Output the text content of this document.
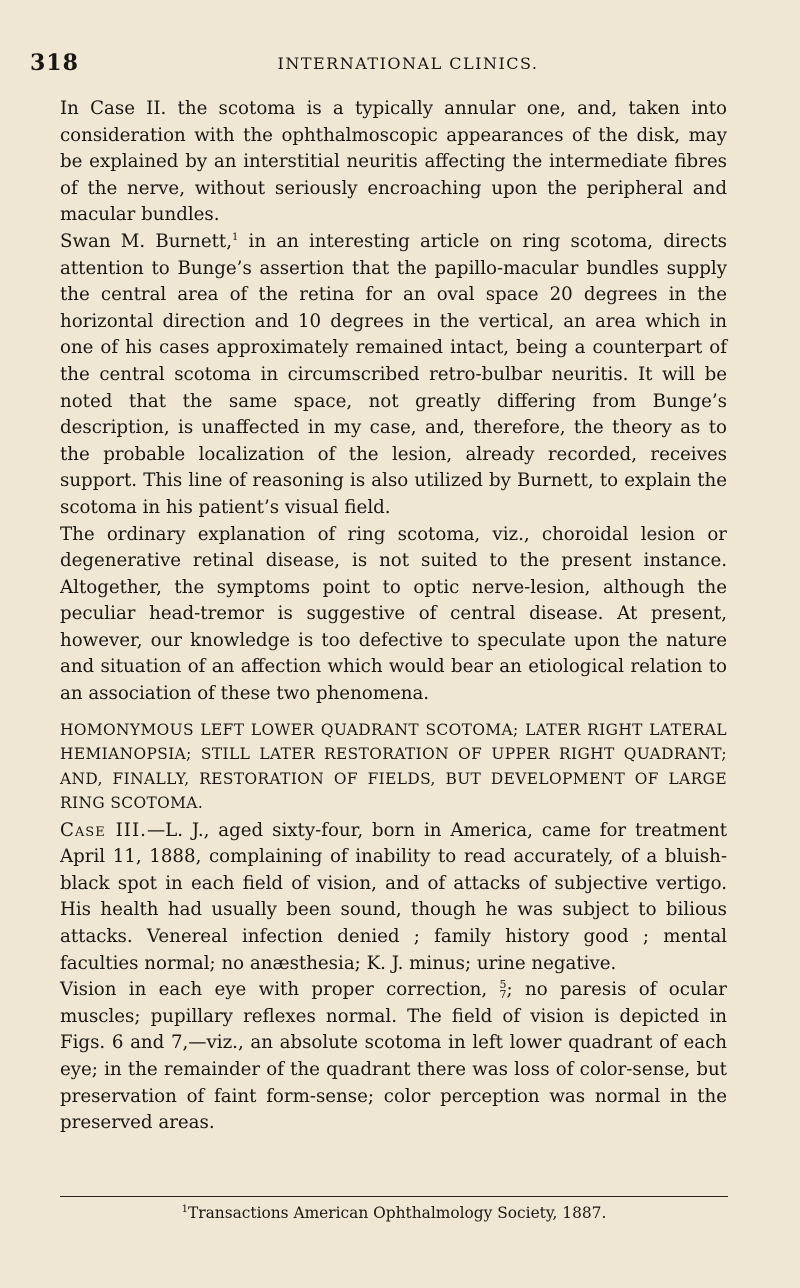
318	INTERNATIONAL CLINICS.

In Case II. the scotoma is a typically annular one, and, taken into consideration with the ophthalmoscopic appearances of the disk, may be explained by an interstitial neuritis affecting the intermediate fibres of the nerve, without seriously encroaching upon the peripheral and macular bundles.

Swan M. Burnett,$^1$ in an interesting article on ring scotoma, directs attention to Bunge’s assertion that the papillo-macular bundles supply the central area of the retina for an oval space 20 degrees in the horizontal direction and 10 degrees in the vertical, an area which in one of his cases approximately remained intact, being a counterpart of the central scotoma in circumscribed retro-bulbar neuritis. It will be noted that the same space, not greatly differing from Bunge’s description, is unaffected in my case, and, therefore, the theory as to the probable localization of the lesion, already recorded, receives support. This line of reasoning is also utilized by Burnett, to explain the scotoma in his patient’s visual field.

The ordinary explanation of ring scotoma, viz., choroidal lesion or degenerative retinal disease, is not suited to the present instance. Altogether, the symptoms point to optic nerve-lesion, although the peculiar head-tremor is suggestive of central disease. At present, however, our knowledge is too defective to speculate upon the nature and situation of an affection which would bear an etiological relation to an association of these two phenomena.

HOMONYMOUS LEFT LOWER QUADRANT SCOTOMA; LATER RIGHT LATERAL HEMIANOPSIA; STILL LATER RESTORATION OF UPPER RIGHT QUADRANT; AND, FINALLY, RESTORATION OF FIELDS, BUT DEVELOPMENT OF LARGE RING SCOTOMA.

Case III.—L. J., aged sixty-four, born in America, came for treatment April 11, 1888, complaining of inability to read accurately, of a bluish-black spot in each field of vision, and of attacks of subjective vertigo. His health had usually been sound, though he was subject to bilious attacks. Venereal infection denied ; family history good ; mental faculties normal; no anæsthesia; K. J. minus; urine negative.

Vision in each eye with proper correction, 5
7 ; no paresis of ocular muscles; pupillary reflexes normal. The field of vision is depicted in Figs. 6 and 7,—viz., an absolute scotoma in left lower quadrant of each eye; in the remainder of the quadrant there was loss of color-sense, but preservation of faint form-sense; color perception was normal in the preserved areas.

$^1$Transactions American Ophthalmology Society, 1887.
